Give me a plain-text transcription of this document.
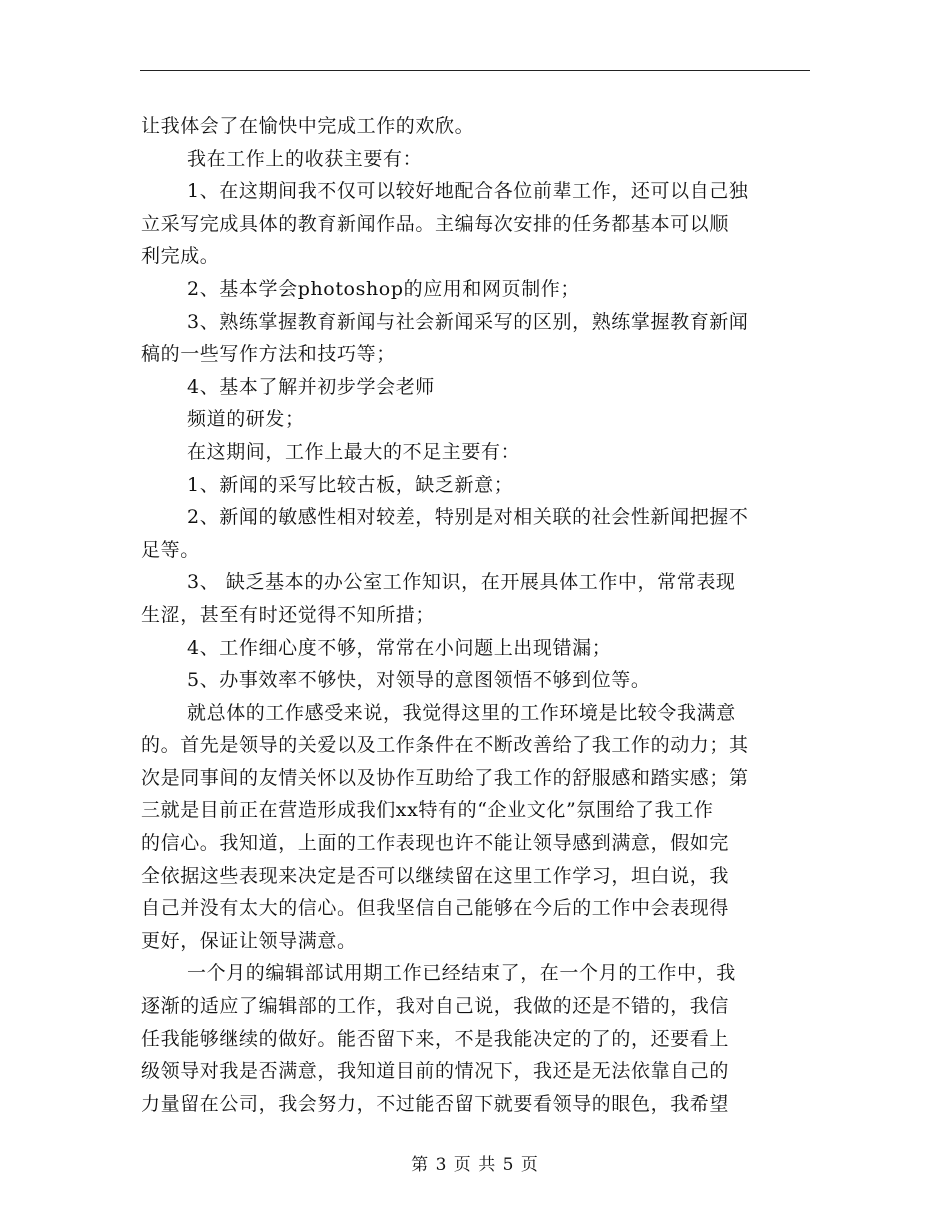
让我体会了在愉快中完成工作的欢欣。
我在工作上的收获主要有：
1、在这期间我不仅可以较好地配合各位前辈工作，还可以自己独
立采写完成具体的教育新闻作品。主编每次安排的任务都基本可以顺
利完成。
2、基本学会photoshop的应用和网页制作；
3、熟练掌握教育新闻与社会新闻采写的区别，熟练掌握教育新闻
稿的一些写作方法和技巧等；
4、基本了解并初步学会老师
频道的研发；
在这期间，工作上最大的不足主要有：
1、新闻的采写比较古板，缺乏新意；
2、新闻的敏感性相对较差，特别是对相关联的社会性新闻把握不
足等。
3、 缺乏基本的办公室工作知识，在开展具体工作中，常常表现
生涩，甚至有时还觉得不知所措；
4、工作细心度不够，常常在小问题上出现错漏；
5、办事效率不够快，对领导的意图领悟不够到位等。
就总体的工作感受来说，我觉得这里的工作环境是比较令我满意
的。首先是领导的关爱以及工作条件在不断改善给了我工作的动力；其
次是同事间的友情关怀以及协作互助给了我工作的舒服感和踏实感；第
三就是目前正在营造形成我们xx特有的“企业文化”氛围给了我工作
的信心。我知道，上面的工作表现也许不能让领导感到满意，假如完
全依据这些表现来决定是否可以继续留在这里工作学习，坦白说，我
自己并没有太大的信心。但我坚信自己能够在今后的工作中会表现得
更好，保证让领导满意。
一个月的编辑部试用期工作已经结束了，在一个月的工作中，我
逐渐的适应了编辑部的工作，我对自己说，我做的还是不错的，我信
任我能够继续的做好。能否留下来，不是我能决定的了的，还要看上
级领导对我是否满意，我知道目前的情况下，我还是无法依靠自己的
力量留在公司，我会努力，不过能否留下就要看领导的眼色，我希望
第 3 页 共 5 页
